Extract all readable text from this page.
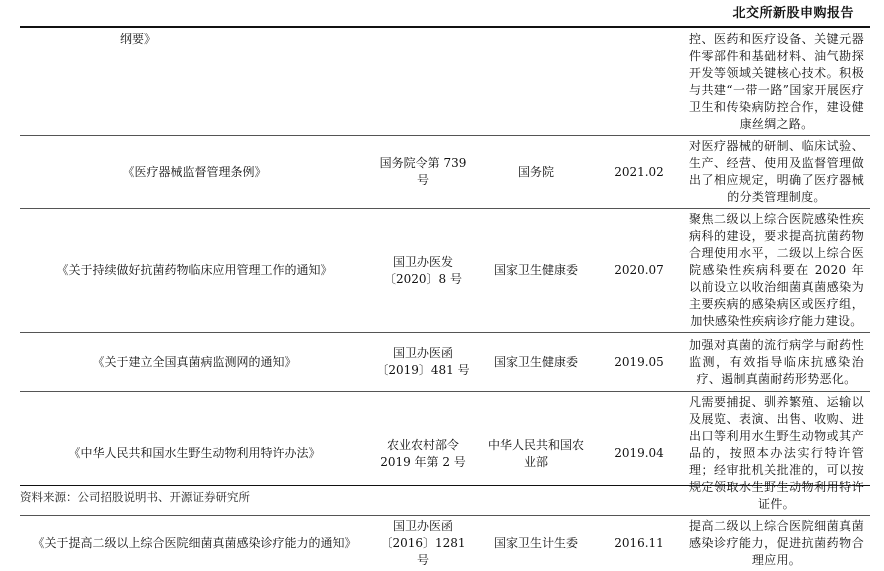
北交所新股申购报告
纲要》				控、医药和医疗设备、关键元器件零部件和基础材料、油气勘探开发等领域关键核心技术。积极与共建“一带一路”国家开展医疗卫生和传染病防控合作，建设健康丝绸之路。
《医疗器械监督管理条例》	国务院令第 739 号	国务院	2021.02	对医疗器械的研制、临床试验、生产、经营、使用及监督管理做出了相应规定，明确了医疗器械的分类管理制度。
《关于持续做好抗菌药物临床应用管理工作的通知》	国卫办医发〔2020〕8 号	国家卫生健康委	2020.07	聚焦二级以上综合医院感染性疾病科的建设，要求提高抗菌药物合理使用水平，二级以上综合医院感染性疾病科要在 2020 年以前设立以收治细菌真菌感染为主要疾病的感染病区或医疗组，加快感染性疾病诊疗能力建设。
《关于建立全国真菌病监测网的通知》	国卫办医函〔2019〕481 号	国家卫生健康委	2019.05	加强对真菌的流行病学与耐药性监测，有效指导临床抗感染治疗、遏制真菌耐药形势恶化。
《中华人民共和国水生野生动物利用特许办法》	农业农村部令 2019 年第 2 号	中华人民共和国农业部	2019.04	凡需要捕捉、驯养繁殖、运输以及展览、表演、出售、收购、进出口等利用水生野生动物或其产品的，按照本办法实行特许管理；经审批机关批准的，可以按规定领取水生野生动物利用特许证件。
《关于提高二级以上综合医院细菌真菌感染诊疗能力的通知》	国卫办医函〔2016〕1281 号	国家卫生计生委	2016.11	提高二级以上综合医院细菌真菌感染诊疗能力，促进抗菌药物合理应用。
资料来源：公司招股说明书、开源证券研究所
